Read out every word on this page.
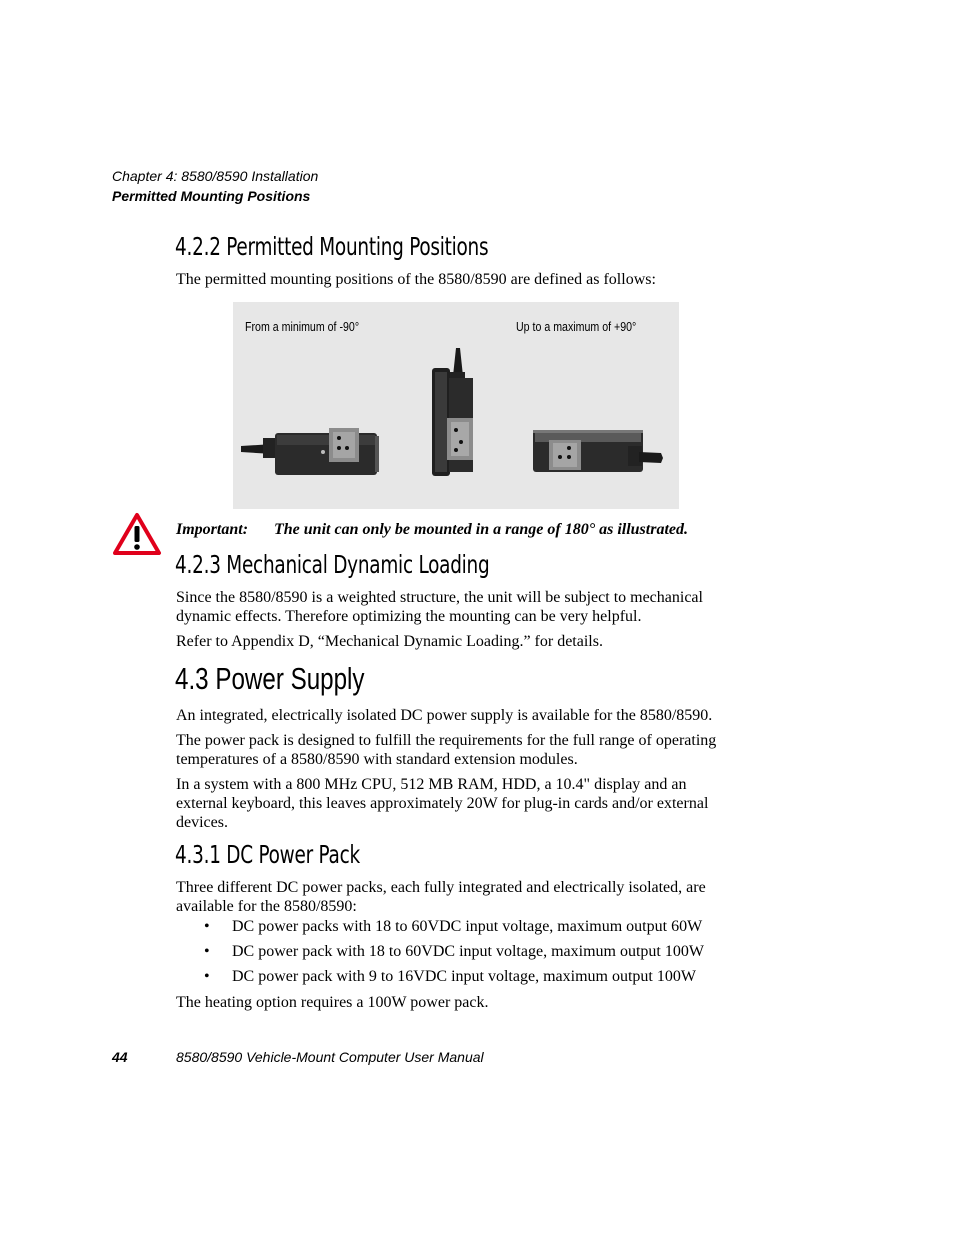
Chapter 4: 8580/8590 Installation
Permitted Mounting Positions
4.2.2 Permitted Mounting Positions
The permitted mounting positions of the 8580/8590 are defined as follows:
From a minimum of -90°	Up to a maximum of +90°
Important: The unit can only be mounted in a range of 180° as illustrated.
4.2.3 Mechanical Dynamic Loading
Since the 8580/8590 is a weighted structure, the unit will be subject to mechanical dynamic effects. Therefore optimizing the mounting can be very helpful.
Refer to Appendix D, “Mechanical Dynamic Loading.” for details.
4.3 Power Supply
An integrated, electrically isolated DC power supply is available for the 8580/8590.
The power pack is designed to fulfill the requirements for the full range of operating temperatures of a 8580/8590 with standard extension modules.
In a system with a 800 MHz CPU, 512 MB RAM, HDD, a 10.4" display and an external keyboard, this leaves approximately 20W for plug-in cards and/or external devices.
4.3.1 DC Power Pack
Three different DC power packs, each fully integrated and electrically isolated, are available for the 8580/8590:
• DC power packs with 18 to 60VDC input voltage, maximum output 60W
• DC power pack with 18 to 60VDC input voltage, maximum output 100W
• DC power pack with 9 to 16VDC input voltage, maximum output 100W
The heating option requires a 100W power pack.
44	8580/8590 Vehicle-Mount Computer User Manual
